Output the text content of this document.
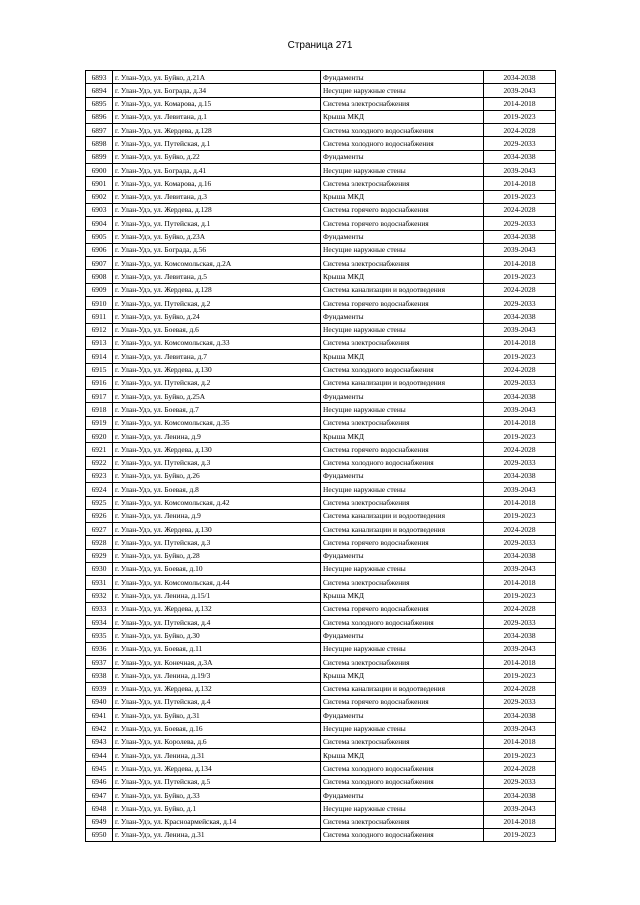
Страница 271
6893	г. Улан-Удэ, ул. Буйко, д.21А	Фундаменты	2034-2038
6894	г. Улан-Удэ, ул. Бограда, д.34	Несущие наружные стены	2039-2043
6895	г. Улан-Удэ, ул. Комарова, д.15	Система электроснабжения	2014-2018
6896	г. Улан-Удэ, ул. Левитана, д.1	Крыша МКД	2019-2023
6897	г. Улан-Удэ, ул. Жердева, д.128	Система холодного водоснабжения	2024-2028
6898	г. Улан-Удэ, ул. Путейская, д.1	Система холодного водоснабжения	2029-2033
6899	г. Улан-Удэ, ул. Буйко, д.22	Фундаменты	2034-2038
6900	г. Улан-Удэ, ул. Бограда, д.41	Несущие наружные стены	2039-2043
6901	г. Улан-Удэ, ул. Комарова, д.16	Система электроснабжения	2014-2018
6902	г. Улан-Удэ, ул. Левитана, д.3	Крыша МКД	2019-2023
6903	г. Улан-Удэ, ул. Жердева, д.128	Система горячего водоснабжения	2024-2028
6904	г. Улан-Удэ, ул. Путейская, д.1	Система горячего водоснабжения	2029-2033
6905	г. Улан-Удэ, ул. Буйко, д.23А	Фундаменты	2034-2038
6906	г. Улан-Удэ, ул. Бограда, д.56	Несущие наружные стены	2039-2043
6907	г. Улан-Удэ, ул. Комсомольская, д.2А	Система электроснабжения	2014-2018
6908	г. Улан-Удэ, ул. Левитана, д.5	Крыша МКД	2019-2023
6909	г. Улан-Удэ, ул. Жердева, д.128	Система канализации и водоотведения	2024-2028
6910	г. Улан-Удэ, ул. Путейская, д.2	Система горячего водоснабжения	2029-2033
6911	г. Улан-Удэ, ул. Буйко, д.24	Фундаменты	2034-2038
6912	г. Улан-Удэ, ул. Боевая, д.6	Несущие наружные стены	2039-2043
6913	г. Улан-Удэ, ул. Комсомольская, д.33	Система электроснабжения	2014-2018
6914	г. Улан-Удэ, ул. Левитана, д.7	Крыша МКД	2019-2023
6915	г. Улан-Удэ, ул. Жердева, д.130	Система холодного водоснабжения	2024-2028
6916	г. Улан-Удэ, ул. Путейская, д.2	Система канализации и водоотведения	2029-2033
6917	г. Улан-Удэ, ул. Буйко, д.25А	Фундаменты	2034-2038
6918	г. Улан-Удэ, ул. Боевая, д.7	Несущие наружные стены	2039-2043
6919	г. Улан-Удэ, ул. Комсомольская, д.35	Система электроснабжения	2014-2018
6920	г. Улан-Удэ, ул. Ленина, д.9	Крыша МКД	2019-2023
6921	г. Улан-Удэ, ул. Жердева, д.130	Система горячего водоснабжения	2024-2028
6922	г. Улан-Удэ, ул. Путейская, д.3	Система холодного водоснабжения	2029-2033
6923	г. Улан-Удэ, ул. Буйко, д.26	Фундаменты	2034-2038
6924	г. Улан-Удэ, ул. Боевая, д.8	Несущие наружные стены	2039-2043
6925	г. Улан-Удэ, ул. Комсомольская, д.42	Система электроснабжения	2014-2018
6926	г. Улан-Удэ, ул. Ленина, д.9	Система канализации и водоотведения	2019-2023
6927	г. Улан-Удэ, ул. Жердева, д.130	Система канализации и водоотведения	2024-2028
6928	г. Улан-Удэ, ул. Путейская, д.3	Система горячего водоснабжения	2029-2033
6929	г. Улан-Удэ, ул. Буйко, д.28	Фундаменты	2034-2038
6930	г. Улан-Удэ, ул. Боевая, д.10	Несущие наружные стены	2039-2043
6931	г. Улан-Удэ, ул. Комсомольская, д.44	Система электроснабжения	2014-2018
6932	г. Улан-Удэ, ул. Ленина, д.15/1	Крыша МКД	2019-2023
6933	г. Улан-Удэ, ул. Жердева, д.132	Система горячего водоснабжения	2024-2028
6934	г. Улан-Удэ, ул. Путейская, д.4	Система холодного водоснабжения	2029-2033
6935	г. Улан-Удэ, ул. Буйко, д.30	Фундаменты	2034-2038
6936	г. Улан-Удэ, ул. Боевая, д.11	Несущие наружные стены	2039-2043
6937	г. Улан-Удэ, ул. Конечная, д.3А	Система электроснабжения	2014-2018
6938	г. Улан-Удэ, ул. Ленина, д.19/3	Крыша МКД	2019-2023
6939	г. Улан-Удэ, ул. Жердева, д.132	Система канализации и водоотведения	2024-2028
6940	г. Улан-Удэ, ул. Путейская, д.4	Система горячего водоснабжения	2029-2033
6941	г. Улан-Удэ, ул. Буйко, д.31	Фундаменты	2034-2038
6942	г. Улан-Удэ, ул. Боевая, д.16	Несущие наружные стены	2039-2043
6943	г. Улан-Удэ, ул. Королева, д.6	Система электроснабжения	2014-2018
6944	г. Улан-Удэ, ул. Ленина, д.31	Крыша МКД	2019-2023
6945	г. Улан-Удэ, ул. Жердева, д.134	Система холодного водоснабжения	2024-2028
6946	г. Улан-Удэ, ул. Путейская, д.5	Система холодного водоснабжения	2029-2033
6947	г. Улан-Удэ, ул. Буйко, д.33	Фундаменты	2034-2038
6948	г. Улан-Удэ, ул. Буйко, д.1	Несущие наружные стены	2039-2043
6949	г. Улан-Удэ, ул. Красноармейская, д.14	Система электроснабжения	2014-2018
6950	г. Улан-Удэ, ул. Ленина, д.31	Система холодного водоснабжения	2019-2023
